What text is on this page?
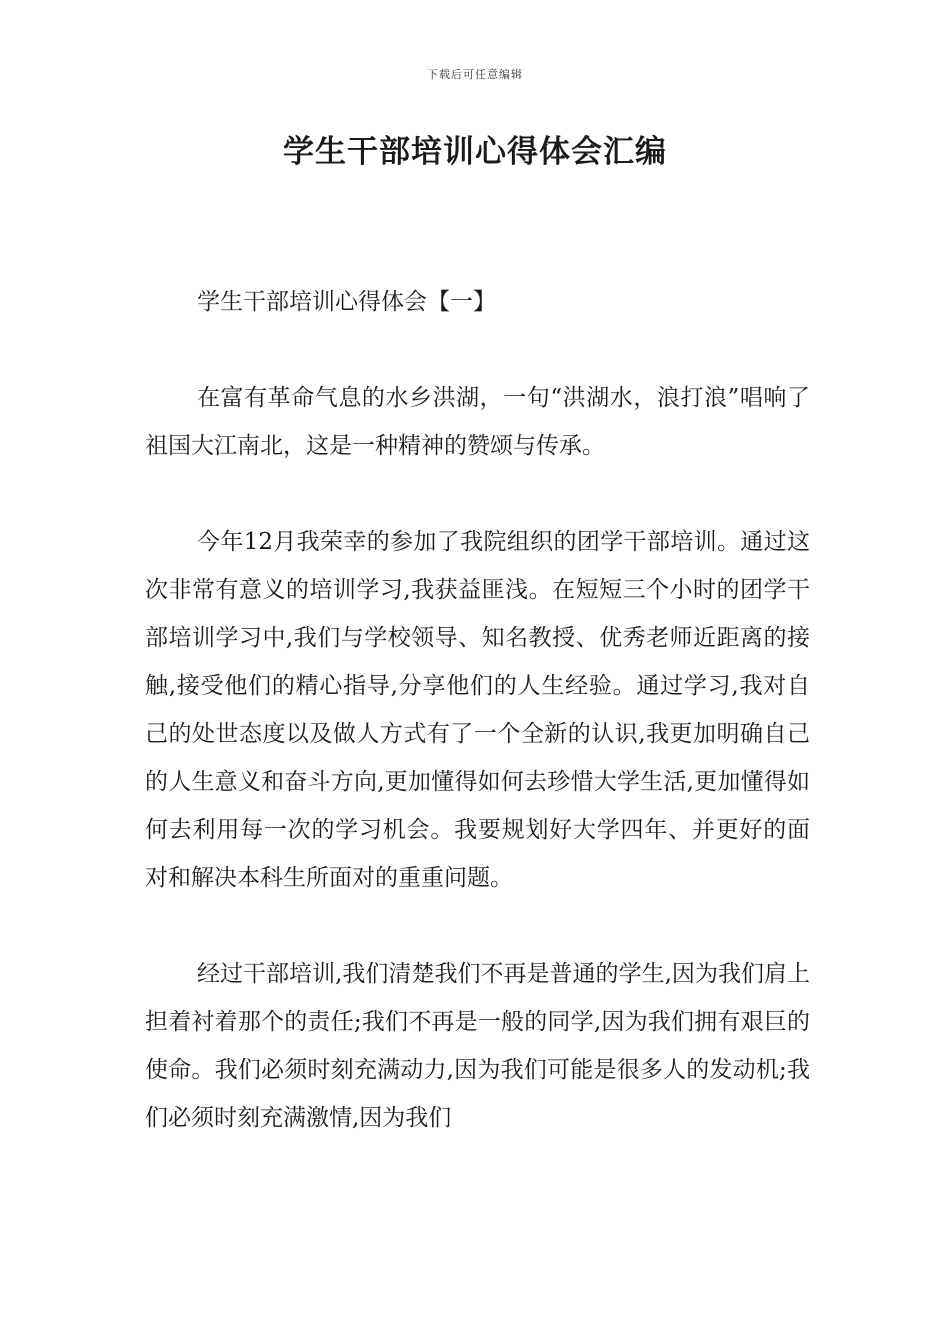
下载后可任意编辑
学生干部培训心得体会汇编

学生干部培训心得体会【一】

在富有革命气息的水乡洪湖，一句“洪湖水，浪打浪”唱响了祖国大江南北，这是一种精神的赞颂与传承。

今年12月我荣幸的参加了我院组织的团学干部培训。通过这次非常有意义的培训学习,我获益匪浅。在短短三个小时的团学干部培训学习中,我们与学校领导、知名教授、优秀老师近距离的接触,接受他们的精心指导,分享他们的人生经验。通过学习,我对自己的处世态度以及做人方式有了一个全新的认识,我更加明确自己的人生意义和奋斗方向,更加懂得如何去珍惜大学生活,更加懂得如何去利用每一次的学习机会。我要规划好大学四年、并更好的面对和解决本科生所面对的重重问题。

经过干部培训,我们清楚我们不再是普通的学生,因为我们肩上担着衬着那个的责任;我们不再是一般的同学,因为我们拥有艰巨的使命。我们必须时刻充满动力,因为我们可能是很多人的发动机;我们必须时刻充满激情,因为我们
